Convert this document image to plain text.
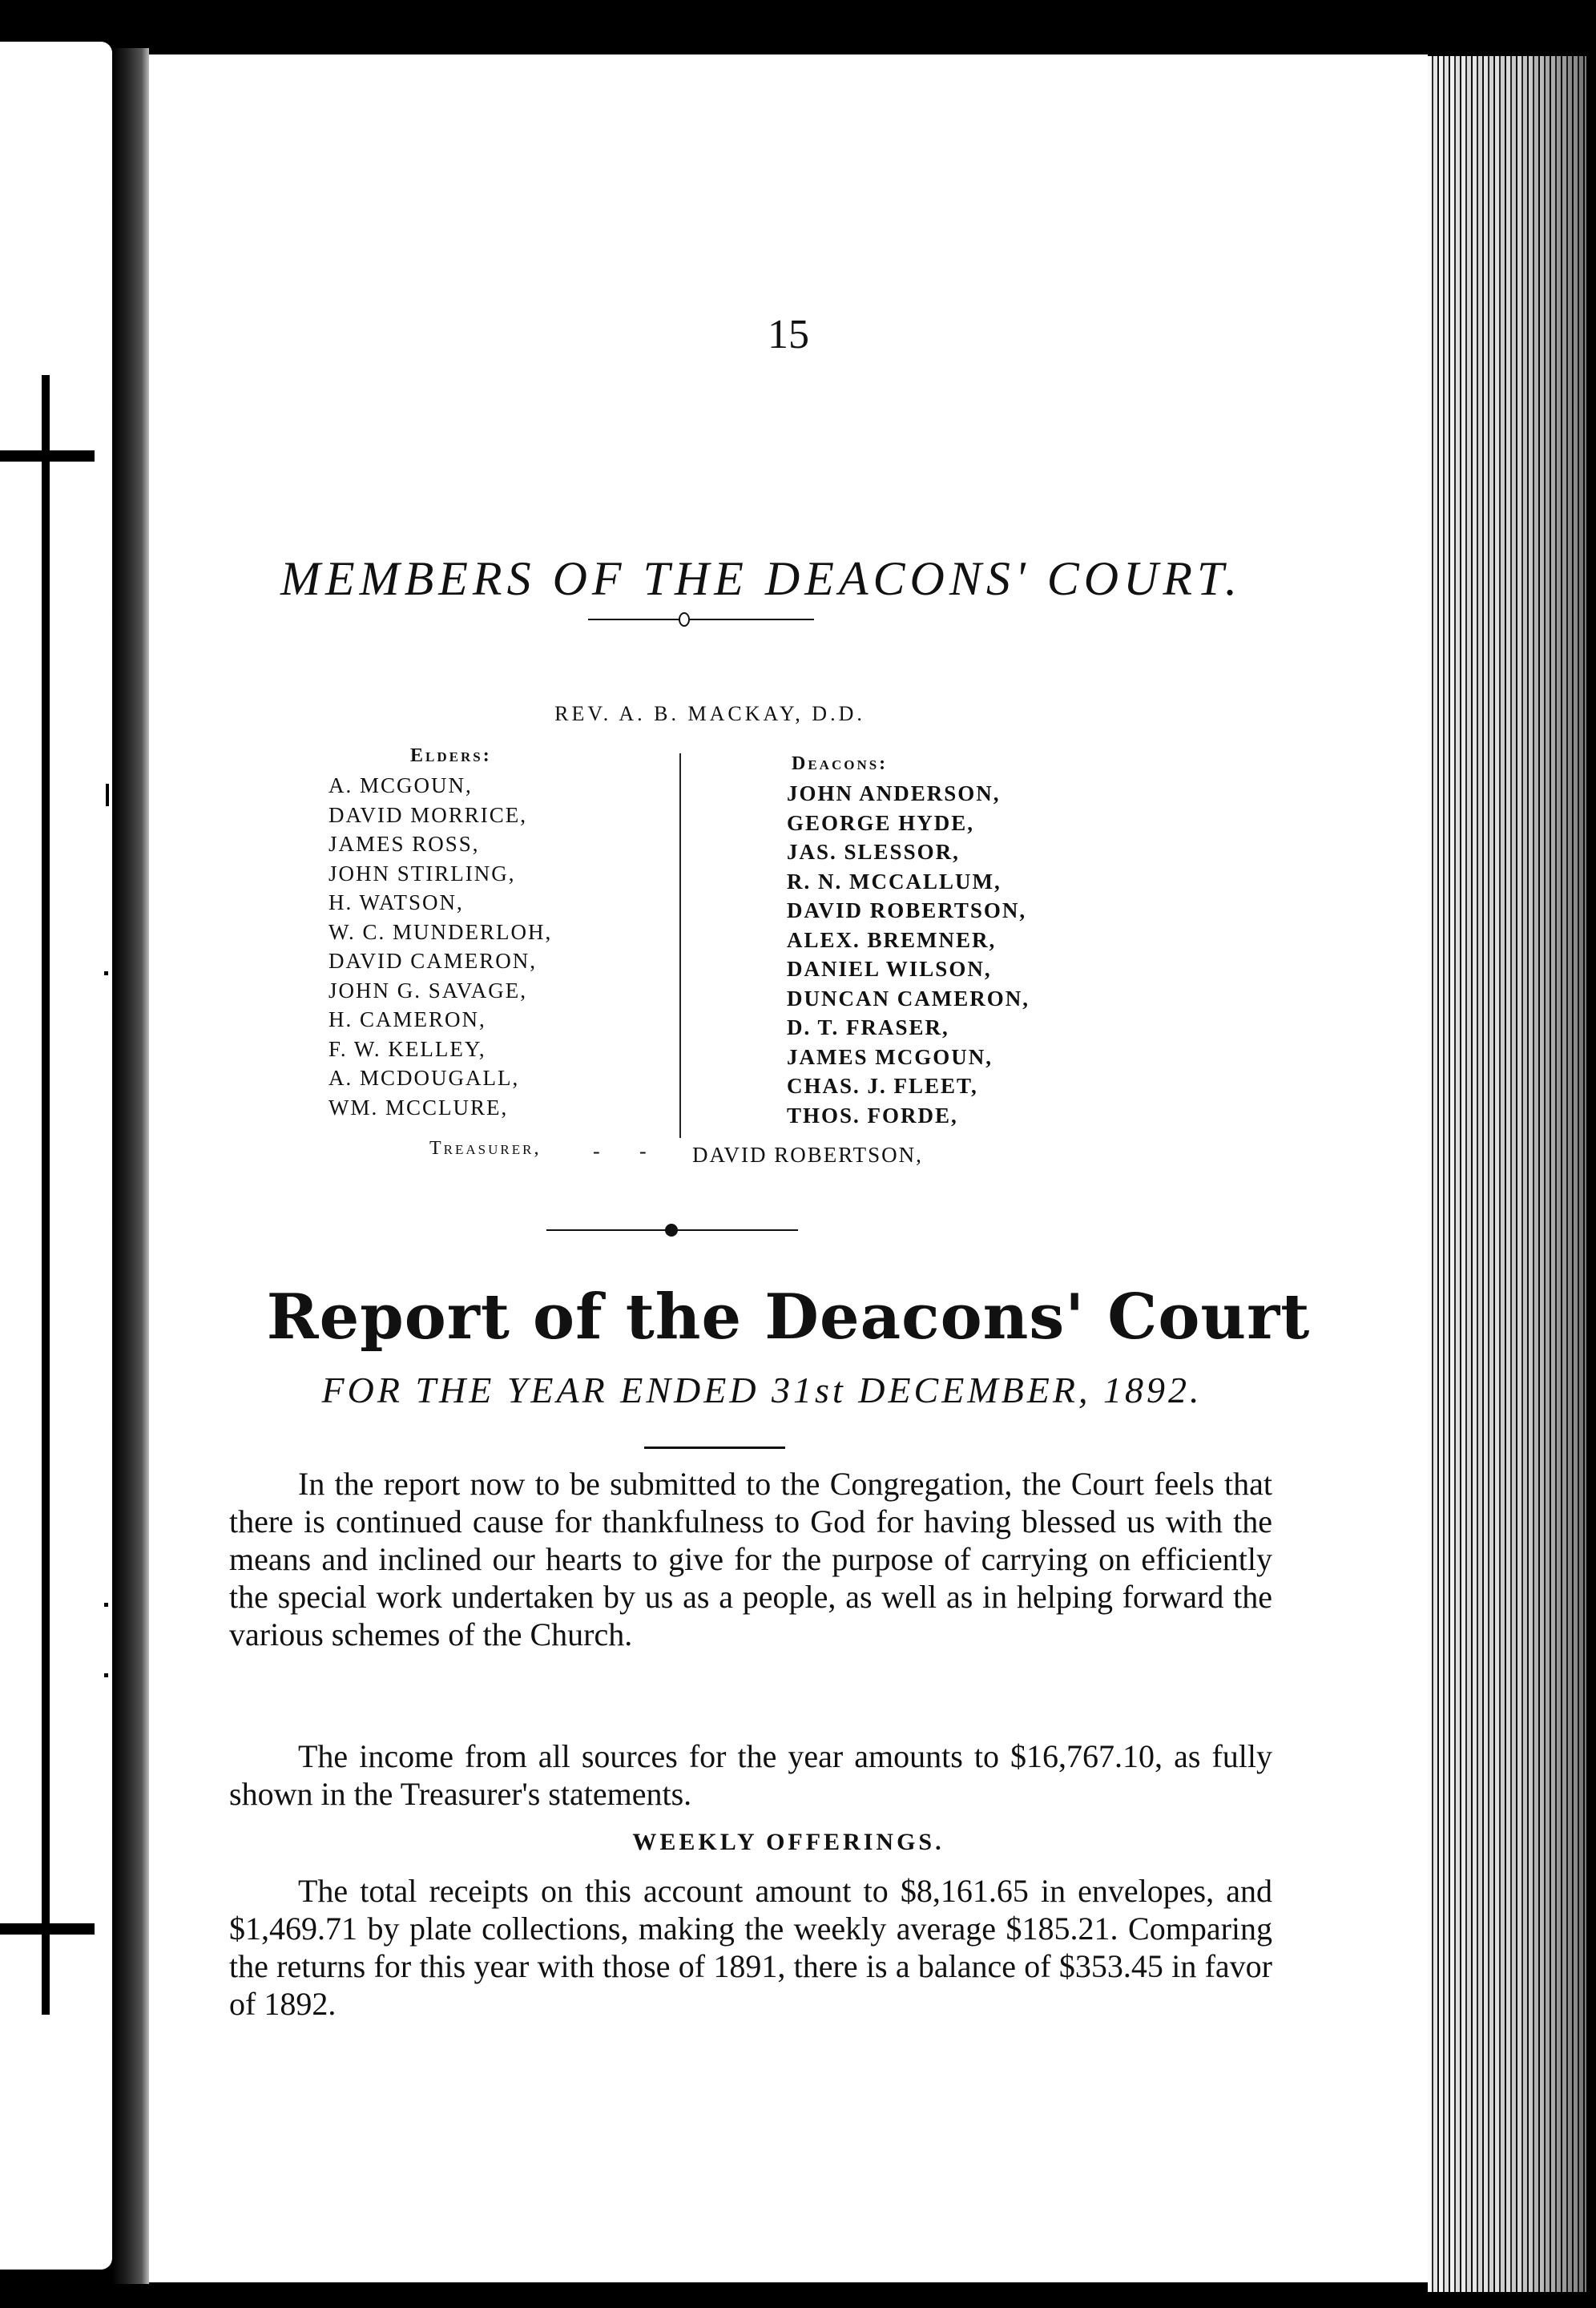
15
MEMBERS OF THE DEACONS' COURT.
REV. A. B. MACKAY, D.D.
Elders:
A. MCGOUN,
DAVID MORRICE,
JAMES ROSS,
JOHN STIRLING,
H. WATSON,
W. C. MUNDERLOH,
DAVID CAMERON,
JOHN G. SAVAGE,
H. CAMERON,
F. W. KELLEY,
A. MCDOUGALL,
WM. MCCLURE,
Deacons:
JOHN ANDERSON,
GEORGE HYDE,
JAS. SLESSOR,
R. N. MCCALLUM,
DAVID ROBERTSON,
ALEX. BREMNER,
DANIEL WILSON,
DUNCAN CAMERON,
D. T. FRASER,
JAMES MCGOUN,
CHAS. J. FLEET,
THOS. FORDE,
Treasurer, - - DAVID ROBERTSON,
Report of the Deacons' Court
FOR THE YEAR ENDED 31st DECEMBER, 1892.

In the report now to be submitted to the Congregation, the Court feels that there is continued cause for thankfulness to God for having blessed us with the means and inclined our hearts to give for the purpose of carrying on efficiently the special work undertaken by us as a people, as well as in helping forward the various schemes of the Church.

The income from all sources for the year amounts to $16,767.10, as fully shown in the Treasurer's statements.

WEEKLY OFFERINGS.

The total receipts on this account amount to $8,161.65 in envelopes, and $1,469.71 by plate collections, making the weekly average $185.21. Comparing the returns for this year with those of 1891, there is a balance of $353.45 in favor of 1892.
